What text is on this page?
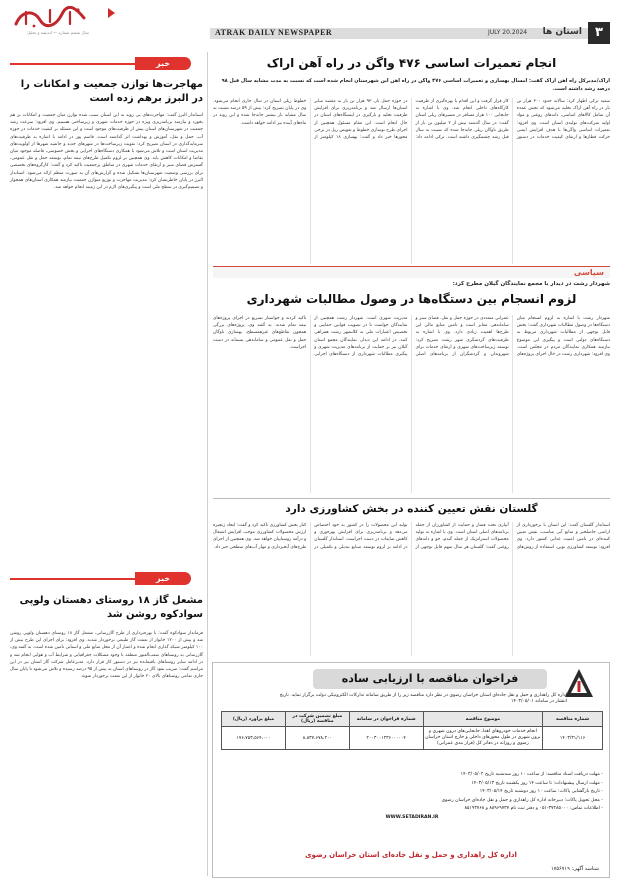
ATRAK DAILY NEWSPAPER	JULY 20.2024 استان ها	۳
سال ششم شماره — اندیشه و تحلیل
خبر
مهاجرت‌ها توازن جمعیت و امکانات را در البرز برهم زده است
استاندار البرز گفت: مهاجرت‌های بی رویه به این استان سبب شده توازن میان جمعیت و امکانات بر هم بخورد و نیازمند برنامه‌ریزی ویژه در حوزه خدمات شهری و زیرساختی هستیم. وی افزود: سرعت رشد جمعیت در شهرستان‌های استان بیش از ظرفیت‌های موجود است و این مسئله بر کیفیت خدمات در حوزه آب، حمل و نقل، آموزش و بهداشت اثر گذاشته است. قاسم پور در ادامه با اشاره به ظرفیت‌های سرمایه‌گذاری در استان تصریح کرد: تقویت زیرساخت‌ها در شهرهای جدید و حاشیه شهرها از اولویت‌های مدیریت استان است و تلاش می‌شود با همکاری دستگاه‌های اجرایی و بخش خصوصی، فاصله موجود میان تقاضا و امکانات کاهش یابد. وی همچنین بر لزوم تکمیل طرح‌های نیمه تمام، توسعه حمل و نقل عمومی، گسترش فضای سبز و ارتقای خدمات شهری در مناطق پرجمعیت تاکید کرد و گفت: کارگروه‌های تخصصی برای بررسی وضعیت شهرستان‌ها تشکیل شده و گزارش‌های آن به صورت منظم ارائه می‌شود. استاندار البرز در پایان خاطرنشان کرد: مدیریت مهاجرت و توزیع متوازن جمعیت نیازمند همکاری استان‌های همجوار و تصمیم‌گیری در سطح ملی است و پیگیری‌های لازم در این زمینه انجام خواهد شد.
خبر
مشعل گاز ۱۸ روستای دهستان ولوپی سوادکوه روشن شد
فرماندار سوادکوه گفت: با بهره‌برداری از طرح گازرسانی، مشعل گاز ۱۸ روستای دهستان ولوپی روشن شد و بیش از ۱۲۰۰ خانوار از نعمت گاز طبیعی برخوردار شدند. وی افزود: برای اجرای این طرح بیش از ۱۰۰ کیلومتر شبکه گذاری انجام شده و اعتبار آن از محل منابع ملی و استانی تامین شده است. به گفته وی، گازرسانی به روستاهای صعب‌العبور منطقه با وجود مشکلات جغرافیایی و شرایط آب و هوایی انجام شد و در ادامه سایر روستاهای باقیمانده نیز در دستور کار قرار دارد. مدیرعامل شرکت گاز استان نیز در این مراسم گفت: ضریب نفوذ گاز در روستاهای استان به بیش از ۹۵ درصد رسیده و تلاش می‌شود تا پایان سال جاری تمامی روستاهای بالای ۲۰ خانوار از این نعمت برخوردار شوند.
انجام تعمیرات اساسی ۴۷۶ واگن در راه آهن اراک
اراک/مدیرکل راه آهن اراک گفت: امسال بهسازی و تعمیرات اساسی ۴۷۶ واگن در راه آهن این شهرستان انجام شده است که نسبت به مدت مشابه سال قبل ۹۸ درصد رشد داشته است.
سعید ترکی اظهار کرد: سالانه حدود ۳۰۰ هزار تن بار در راه آهن اراک تخلیه می‌شود که بخش عمده آن شامل کالاهای اساسی، دانه‌های روغنی و مواد اولیه شرکت‌های تولیدی استان است. وی افزود: تعمیرات اساسی واگن‌ها با هدف افزایش ایمنی حرکت قطارها و ارتقای کیفیت خدمات در دستور کار قرار گرفت و این اقدام با بهره‌گیری از ظرفیت کارگاه‌های داخلی انجام شد. وی با اشاره به جابجایی ۱۰۰ هزار مسافر در مسیرهای ریلی استان گفت: در سال گذشته بیش از ۲ میلیون تن بار از طریق ناوگان ریلی جابه‌جا شده که نسبت به سال قبل رشد چشمگیری داشته است. ترکی ادامه داد: در حوزه حمل بار، ۹۳ هزار تن بار به مقصد سایر استان‌ها ارسال شد و برنامه‌ریزی برای افزایش ظرفیت تخلیه و بارگیری در ایستگاه‌های استان در حال انجام است. این مقام مسئول همچنین از اجرای طرح نوسازی خطوط و تعویض ریل در برخی محورها خبر داد و گفت: بهسازی ۱۸ کیلومتر از خطوط ریلی استان در سال جاری انجام می‌شود. وی در پایان تصریح کرد: بیش از ۵۹ درصد نسبت به سال مشابه بار بیشتر جابه‌جا شده و این روند در ماه‌های آینده نیز ادامه خواهد داشت.
سیاسی
شهردار رشت در دیدار با مجمع نمایندگان گیلان مطرح کرد:
لزوم انسجام بین دستگاه‌ها در وصول مطالبات شهرداری
شهردار رشت با اشاره به لزوم انسجام میان دستگاه‌ها در وصول مطالبات شهرداری گفت: بخش قابل توجهی از مطالبات شهرداری مربوط به دستگاه‌های دولتی است و پیگیری این موضوع نیازمند همکاری نمایندگان مردم در مجلس است. وی افزود: شهرداری رشت در حال اجرای پروژه‌های عمرانی متعددی در حوزه حمل و نقل، فضای سبز و ساماندهی معابر است و تامین منابع مالی این طرح‌ها اهمیت زیادی دارد. وی با اشاره به ظرفیت‌های گردشگری شهر رشت تصریح کرد: توسعه زیرساخت‌های شهری و ارتقای خدمات برای شهروندان و گردشگران از برنامه‌های اصلی مدیریت شهری است. شهردار رشت همچنین از نمایندگان خواست تا در تصویب قوانین حمایتی و تخصیص اعتبارات ملی به کلانشهر رشت همراهی کنند. در ادامه این دیدار، نمایندگان مجمع استان گیلان نیز بر حمایت از برنامه‌های مدیریت شهری و پیگیری مطالبات شهرداری از دستگاه‌های اجرایی تاکید کردند و خواستار تسریع در اجرای پروژه‌های نیمه تمام شدند. به گفته وی، پروژه‌های بزرگی همچون تقاطع‌های غیرهمسطح، بهسازی ناوگان حمل و نقل عمومی و ساماندهی پسماند در دست اجراست.
گلستان نقش تعیین کننده در بخش کشاورزی دارد
استاندار گلستان گفت: این استان با برخورداری از اراضی حاصلخیز و منابع آبی مناسب، نقش تعیین کننده‌ای در تامین امنیت غذایی کشور دارد. وی افزود: توسعه کشاورزی نوین، استفاده از روش‌های آبیاری تحت فشار و حمایت از کشاورزان از جمله برنامه‌های اصلی استان است. وی با اشاره به تولید محصولات استراتژیک از جمله گندم، جو و دانه‌های روغنی گفت: گلستان هر سال سهم قابل توجهی از تولید این محصولات را در کشور به خود اختصاص می‌دهد و برنامه‌ریزی برای افزایش بهره‌وری و کاهش ضایعات در دست اجراست. استاندار گلستان در ادامه بر لزوم توسعه صنایع تبدیلی و تکمیلی در کنار بخش کشاورزی تاکید کرد و گفت: ایجاد زنجیره ارزش محصولات کشاورزی موجب افزایش اشتغال و درآمد روستاییان خواهد شد. وی همچنین از اجرای طرح‌های آبخیزداری و مهار آب‌های سطحی خبر داد.
فراخوان مناقصه با ارزیابی ساده
اداره کل راهداری و حمل و نقل جاده‌ای استان خراسان رضوی در نظر دارد مناقصه زیر را از طریق سامانه تدارکات الکترونیکی دولت برگزار نماید. تاریخ انتشار در سامانه ۱۴۰۳/۰۵/۰۱
شماره مناقصه	موضوع مناقصه	شماره فراخوان در سامانه	مبلغ تضمین شرکت در مناقصه (ریال)	مبلغ برآورد (ریال)
۱۴۰۳/۳۱/۱۱۶	انجام خدمات خودروهای اهدا، جابجایی‌های درون شهری و برون شهری در طول محورهای داخلی و خارج استان خراسان رضوی و روزانه در دفاتر کل (قرار بندی عمرانی)	۲۰۰۳۰۰۱۲۳۶۰۰۰۰۰۴	۸،۸۳۷،۶۷۸،۲۰۰	۱۷۶،۷۵۳،۵۶۴،۰۰۰
- مهلت دریافت اسناد مناقصه: از ساعت ۱۰ روز سه‌شنبه تاریخ ۱۴۰۳/۰۵/۰۲
- مهلت ارسال پیشنهادات: تا ساعت ۱۴ روز یکشنبه تاریخ ۱۴۰۳/۰۵/۱۳
- تاریخ بازگشایی پاکات: ساعت ۱۰ روز دوشنبه تاریخ ۱۴۰۳/۰۵/۱۴
- محل تحویل پاکات: دبیرخانه اداره کل راهداری و حمل و نقل جاده‌ای خراسان رضوی
- اطلاعات تماس: ۳۷۲۸۵۰۰۰-۰۵۱ و دفتر ثبت نام ۸۸۹۶۹۷۳۷ و ۸۵۱۹۳۷۶۸
WWW.SETADIRAN.IR
اداره کل راهداری و حمل و نقل جاده‌ای استان خراسان رضوی
شناسه آگهی: ۱۷۵۶۷۱۹
